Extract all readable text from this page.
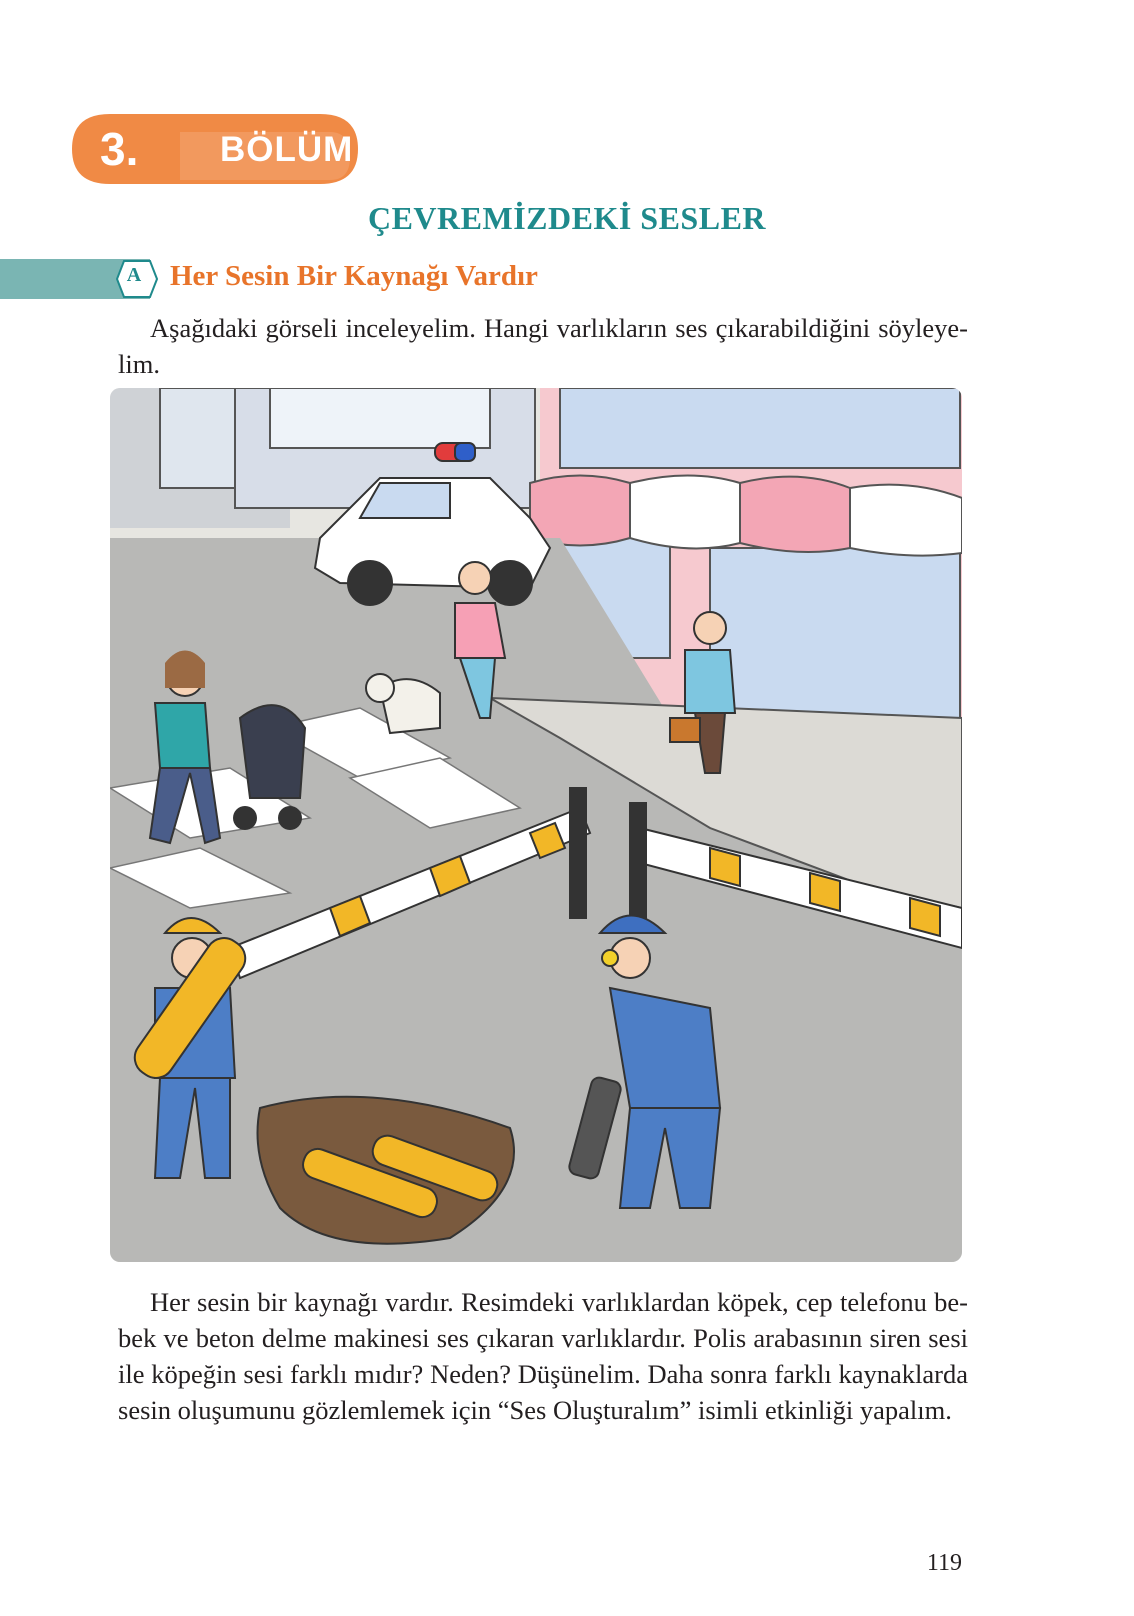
3. BÖLÜM
ÇEVREMİZDEKİ SESLER
A Her Sesin Bir Kaynağı Vardır
Aşağıdaki görseli inceleyelim. Hangi varlıkların ses çıkarabildiğini söyleye-lim.
Her sesin bir kaynağı vardır. Resimdeki varlıklardan köpek, cep telefonu be-bek ve beton delme makinesi ses çıkaran varlıklardır. Polis arabasının siren sesi ile köpeğin sesi farklı mıdır? Neden? Düşünelim. Daha sonra farklı kaynaklarda sesin oluşumunu gözlemlemek için “Ses Oluşturalım” isimli etkinliği yapalım.
119
